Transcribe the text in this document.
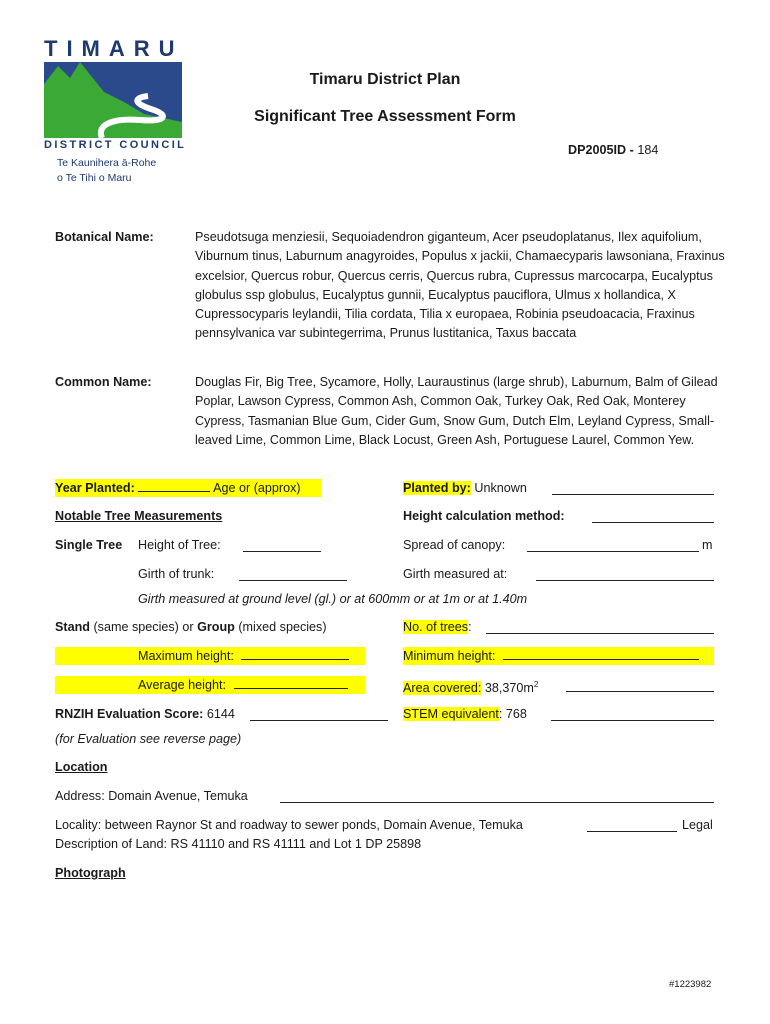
TIMARU
DISTRICT COUNCIL
Te Kaunihera ā-Rohe
o Te Tihi o Maru
Timaru District Plan
Significant Tree Assessment Form
DP2005ID - 184
Botanical Name:	Pseudotsuga menziesii, Sequoiadendron giganteum, Acer pseudoplatanus, Ilex aquifolium, Viburnum tinus, Laburnum anagyroides, Populus x jackii, Chamaecyparis lawsoniana, Fraxinus excelsior, Quercus robur, Quercus cerris, Quercus rubra, Cupressus marcocarpa, Eucalyptus globulus ssp globulus, Eucalyptus gunnii, Eucalyptus pauciflora, Ulmus x hollandica, X Cupressocyparis leylandii, Tilia cordata, Tilia x europaea, Robinia pseudoacacia, Fraxinus pennsylvanica var subintegerrima, Prunus lustitanica, Taxus baccata
Common Name:	Douglas Fir, Big Tree, Sycamore, Holly, Lauraustinus (large shrub), Laburnum, Balm of Gilead Poplar, Lawson Cypress, Common Ash, Common Oak, Turkey Oak, Red Oak, Monterey Cypress, Tasmanian Blue Gum, Cider Gum, Snow Gum, Dutch Elm, Leyland Cypress, Small-leaved Lime, Common Lime, Black Locust, Green Ash, Portuguese Laurel, Common Yew.
Year Planted:	Age or (approx)	Planted by: Unknown
Notable Tree Measurements	Height calculation method:
Single Tree Height of Tree:	Spread of canopy:	m
Girth of trunk:	Girth measured at:
Girth measured at ground level (gl.) or at 600mm or at 1m or at 1.40m
Stand (same species) or Group (mixed species)	No. of trees:
Maximum height:	Minimum height:
Average height:	Area covered: $38,370m^2$
RNZIH Evaluation Score: 6144	STEM equivalent: 768
(for Evaluation see reverse page)
Location
Address: Domain Avenue, Temuka
Locality: between Raynor St and roadway to sewer ponds, Domain Avenue, Temuka	Legal
Description of Land: RS 41110 and RS 41111 and Lot 1 DP 25898
Photograph
#1223982
